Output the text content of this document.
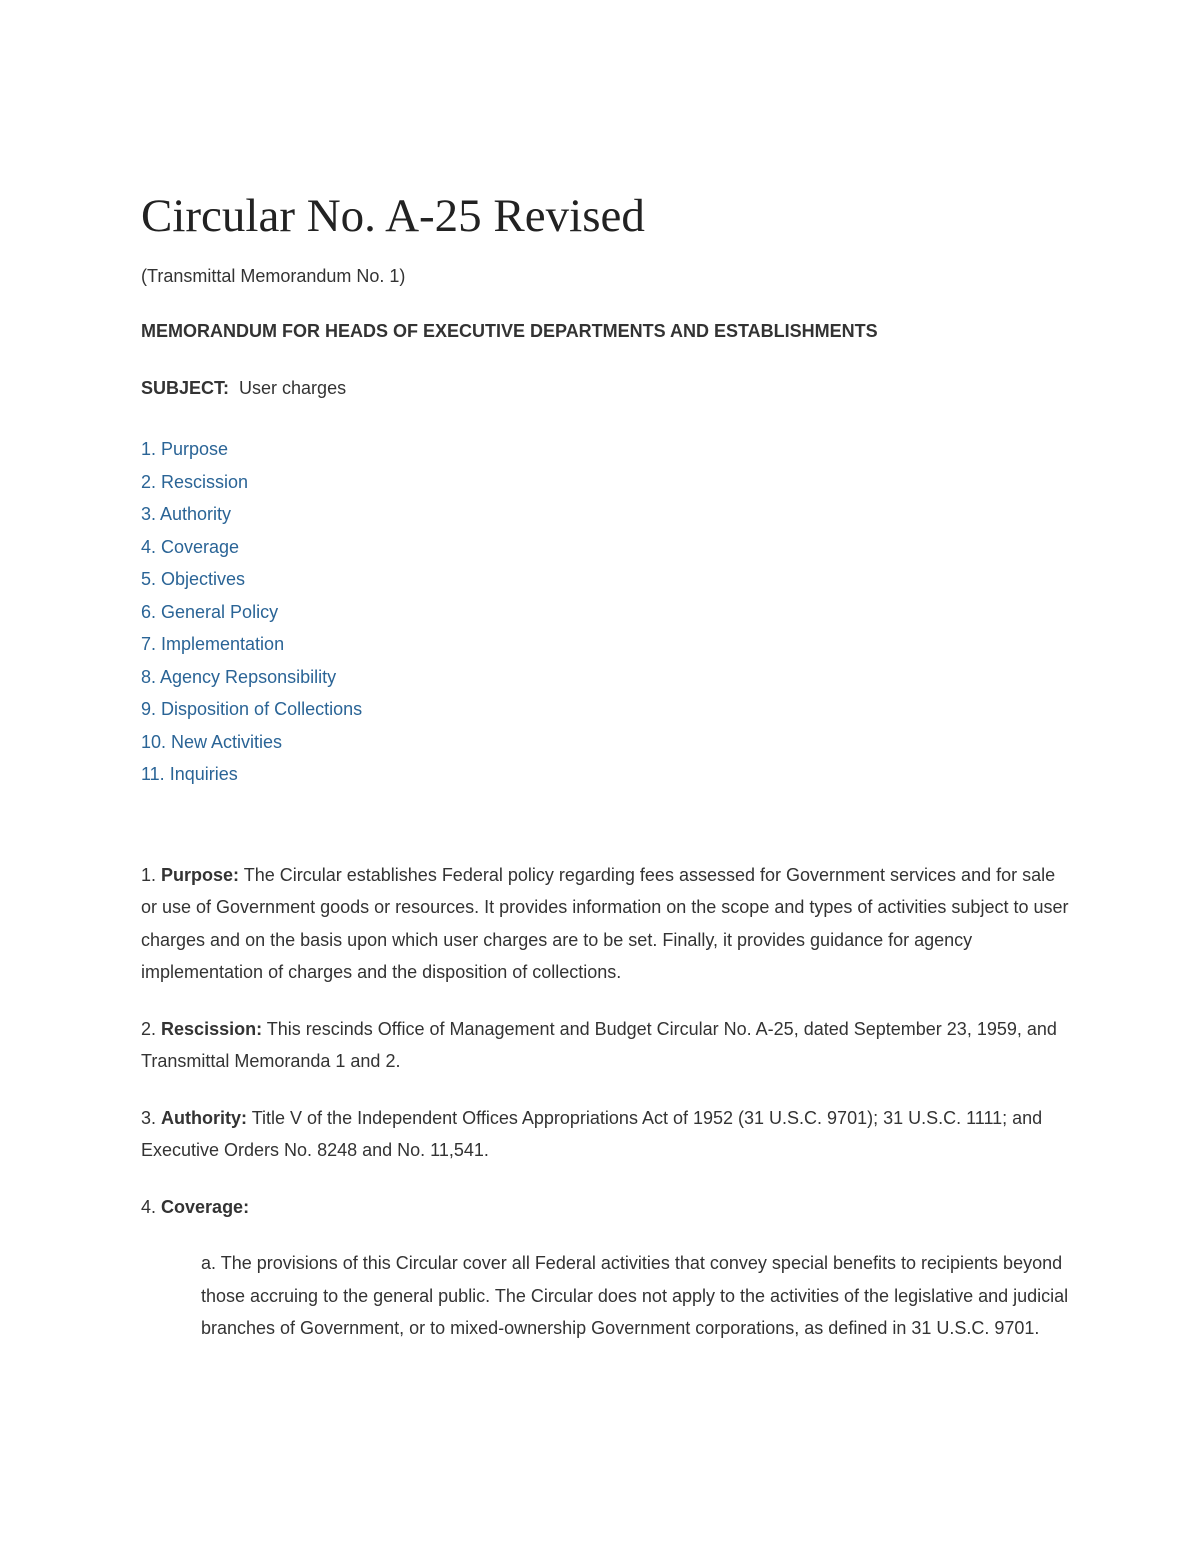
Circular No. A-25 Revised
(Transmittal Memorandum No. 1)
MEMORANDUM FOR HEADS OF EXECUTIVE DEPARTMENTS AND ESTABLISHMENTS
SUBJECT: User charges
1. Purpose
2. Rescission
3. Authority
4. Coverage
5. Objectives
6. General Policy
7. Implementation
8. Agency Repsonsibility
9. Disposition of Collections
10. New Activities
11. Inquiries

1. Purpose: The Circular establishes Federal policy regarding fees assessed for Government services and for sale or use of Government goods or resources. It provides information on the scope and types of activities subject to user charges and on the basis upon which user charges are to be set. Finally, it provides guidance for agency implementation of charges and the disposition of collections.

2. Rescission: This rescinds Office of Management and Budget Circular No. A-25, dated September 23, 1959, and Transmittal Memoranda 1 and 2.

3. Authority: Title V of the Independent Offices Appropriations Act of 1952 (31 U.S.C. 9701); 31 U.S.C. 1111; and Executive Orders No. 8248 and No. 11,541.

4. Coverage:

a. The provisions of this Circular cover all Federal activities that convey special benefits to recipients beyond those accruing to the general public. The Circular does not apply to the activities of the legislative and judicial branches of Government, or to mixed-ownership Government corporations, as defined in 31 U.S.C. 9701.
